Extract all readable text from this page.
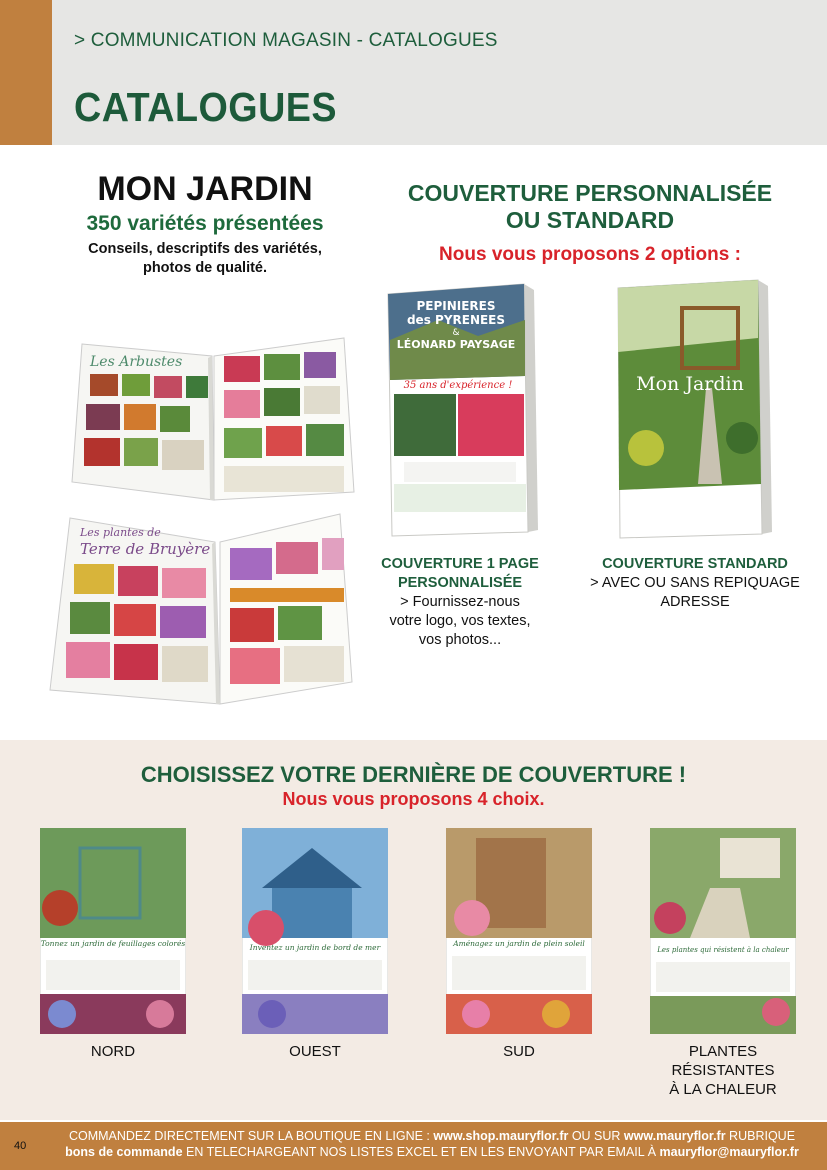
> COMMUNICATION MAGASIN - CATALOGUES
CATALOGUES
MON JARDIN
350 variétés présentées
Conseils, descriptifs des variétés,
photos de qualité.
Les Arbustes
Les plantes de
Terre de Bruyère
COUVERTURE PERSONNALISÉE
OU STANDARD
Nous vous proposons 2 options :
PEPINIERES
des PYRENEES
&
LÉONARD PAYSAGE
35 ans d'expérience !	Mon Jardin
COUVERTURE 1 PAGE
PERSONNALISÉE
> Fournissez-nous
votre logo, vos textes,
vos photos...
COUVERTURE STANDARD
> AVEC OU SANS REPIQUAGE
ADRESSE
CHOISISSEZ VOTRE DERNIÈRE DE COUVERTURE !
Nous vous proposons 4 choix.
Tonnez un jardin de feuillages colorés
NORD
Inventez un jardin de bord de mer
OUEST
Aménagez un jardin de plein soleil
SUD
Les plantes qui résistent à la chaleur
PLANTES
RÉSISTANTES
À LA CHALEUR
40
COMMANDEZ DIRECTEMENT SUR LA BOUTIQUE EN LIGNE : www.shop.mauryflor.fr OU SUR www.mauryflor.fr RUBRIQUE
bons de commande EN TELECHARGEANT NOS LISTES EXCEL ET EN LES ENVOYANT PAR EMAIL À mauryflor@mauryflor.fr
